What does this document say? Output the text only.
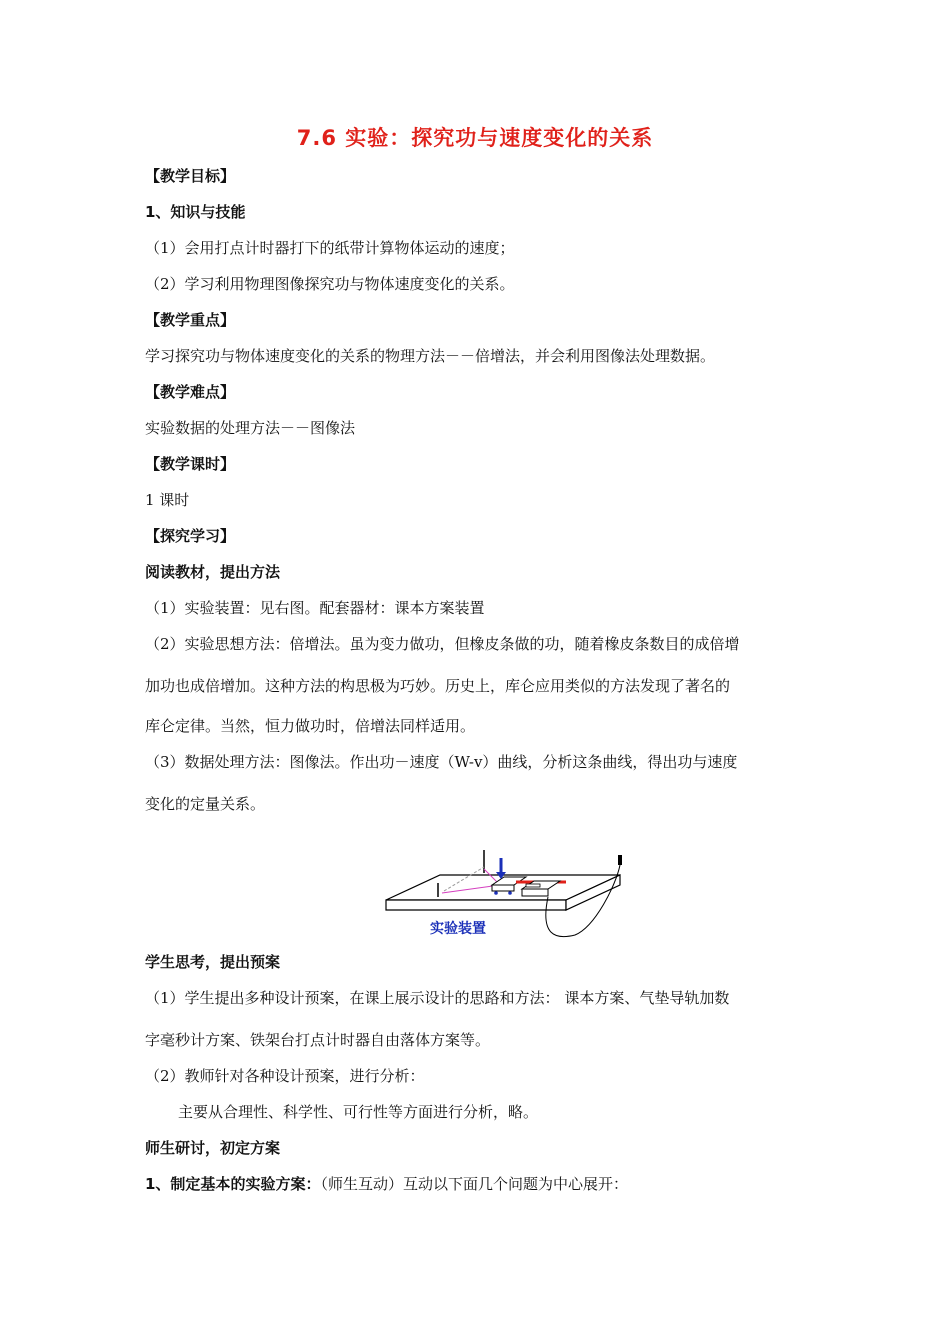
7.6 实验：探究功与速度变化的关系
【教学目标】
1、知识与技能
（1）会用打点计时器打下的纸带计算物体运动的速度；
（2）学习利用物理图像探究功与物体速度变化的关系。
【教学重点】
学习探究功与物体速度变化的关系的物理方法－－倍增法，并会利用图像法处理数据。
【教学难点】
实验数据的处理方法－－图像法
【教学课时】
1 课时
【探究学习】
阅读教材，提出方法
（1）实验装置：见右图。配套器材：课本方案装置
（2）实验思想方法：倍增法。虽为变力做功，但橡皮条做的功，随着橡皮条数目的成倍增
加功也成倍增加。这种方法的构思极为巧妙。历史上，库仑应用类似的方法发现了著名的
库仑定律。当然，恒力做功时，倍增法同样适用。
（3）数据处理方法：图像法。作出功－速度（W-v）曲线，分析这条曲线，得出功与速度
变化的定量关系。
实验装置
学生思考，提出预案
（1）学生提出多种设计预案，在课上展示设计的思路和方法： 课本方案、气垫导轨加数
字毫秒计方案、铁架台打点计时器自由落体方案等。
（2）教师针对各种设计预案，进行分析：
主要从合理性、科学性、可行性等方面进行分析，略。
师生研讨，初定方案
1、制定基本的实验方案：（师生互动）互动以下面几个问题为中心展开：
